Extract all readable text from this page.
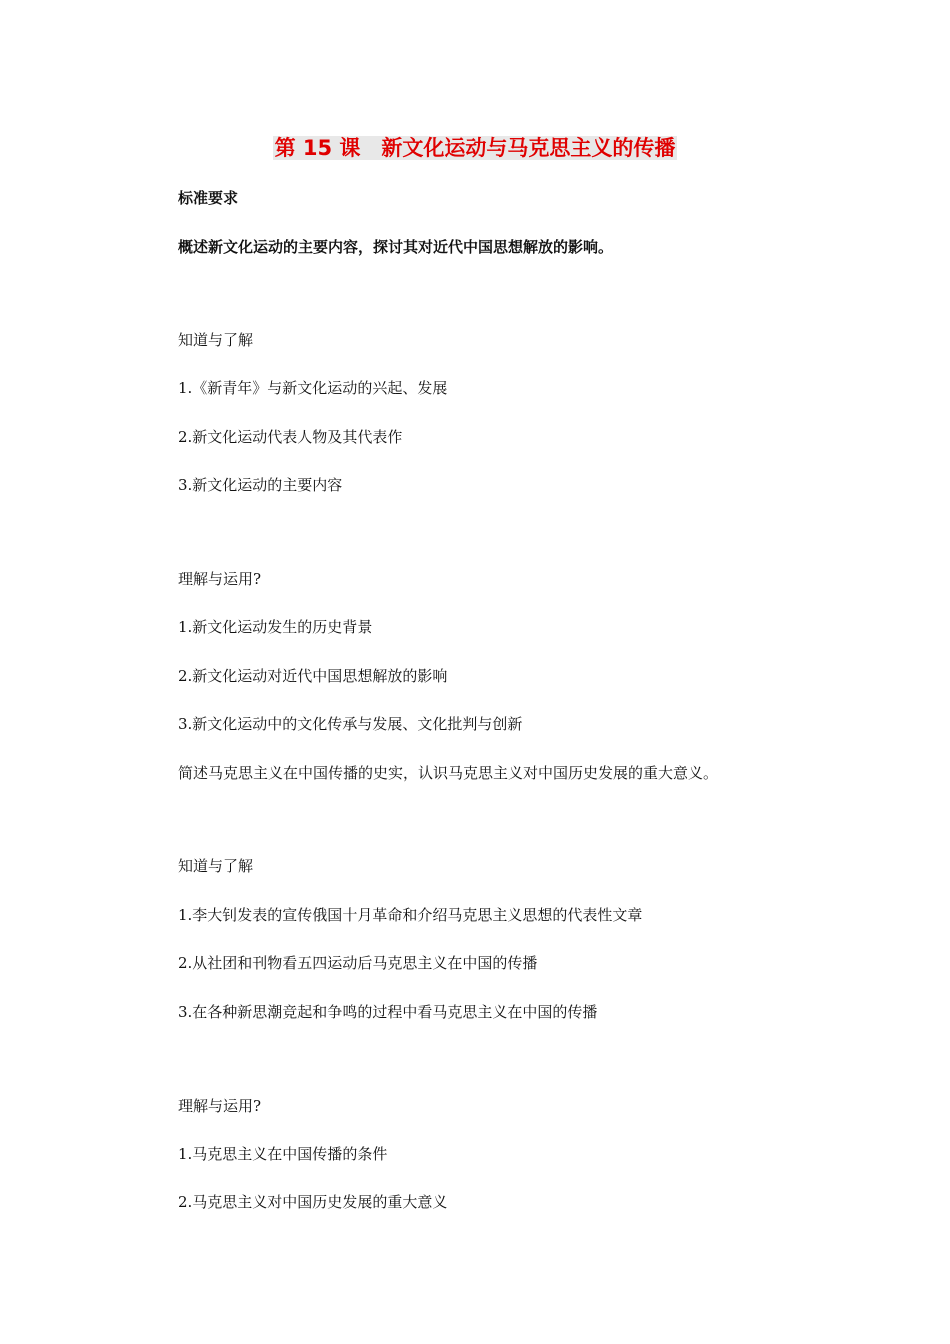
第 15 课　新文化运动与马克思主义的传播
标准要求
概述新文化运动的主要内容，探讨其对近代中国思想解放的影响。
知道与了解
1.《新青年》与新文化运动的兴起、发展
2.新文化运动代表人物及其代表作
3.新文化运动的主要内容
理解与运用?
1.新文化运动发生的历史背景
2.新文化运动对近代中国思想解放的影响
3.新文化运动中的文化传承与发展、文化批判与创新
简述马克思主义在中国传播的史实，认识马克思主义对中国历史发展的重大意义。
知道与了解
1.李大钊发表的宣传俄国十月革命和介绍马克思主义思想的代表性文章
2.从社团和刊物看五四运动后马克思主义在中国的传播
3.在各种新思潮竞起和争鸣的过程中看马克思主义在中国的传播
理解与运用?
1.马克思主义在中国传播的条件
2.马克思主义对中国历史发展的重大意义
